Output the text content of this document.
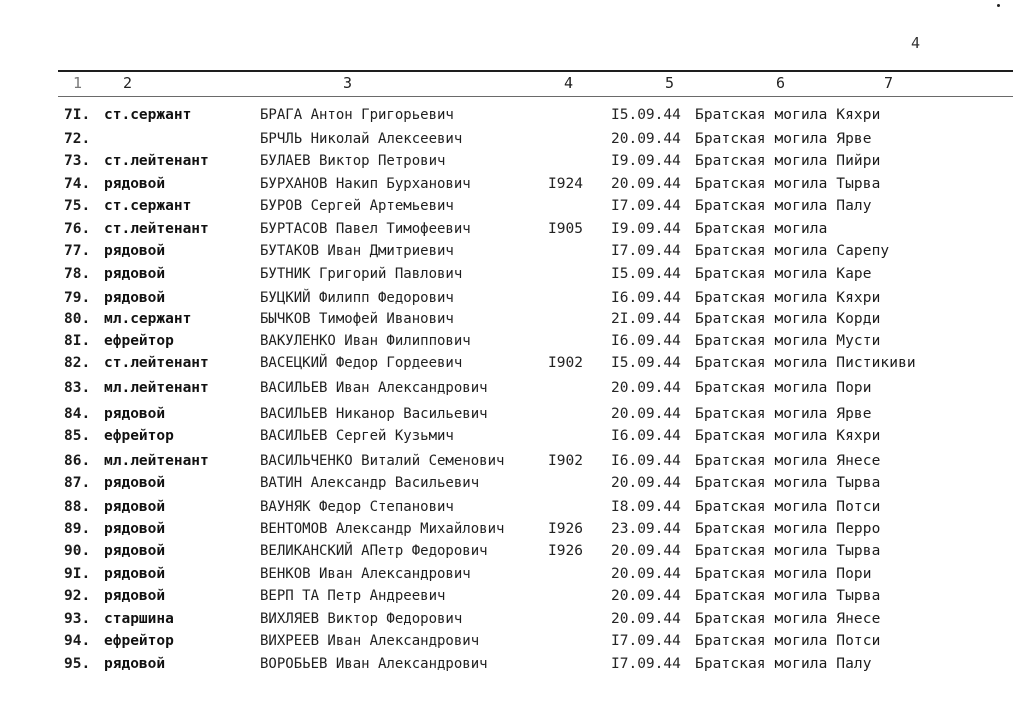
4
1	2	3	4	5	6	7
7I. ст.сержант	БРАГА Антон Григорьевич	I5.09.44 Братская могила Кяхри
72.	БРЧЛЬ Николай Алексеевич	20.09.44 Братская могила Ярве
73. ст.лейтенант	БУЛАЕВ Виктор Петрович	I9.09.44 Братская могила Пийри
74. рядовой	БУРХАНОВ Накип Бурханович	I924 20.09.44 Братская могила Тырва
75. ст.сержант	БУРОВ Сергей Артемьевич	I7.09.44 Братская могила Палу
76. ст.лейтенант	БУРТАСОВ Павел Тимофеевич	I905 I9.09.44 Братская могила
77. рядовой	БУТАКОВ Иван Дмитриевич	I7.09.44 Братская могила Сарепу
78. рядовой	БУТНИК Григорий Павлович	I5.09.44 Братская могила Каре
79. рядовой	БУЦКИЙ Филипп Федорович	I6.09.44 Братская могила Кяхри
80. мл.сержант	БЫЧКОВ Тимофей Иванович	2I.09.44 Братская могила Корди
8I. ефрейтор	ВАКУЛЕНКО Иван Филиппович	I6.09.44 Братская могила Мусти
82. ст.лейтенант	ВАСЕЦКИЙ Федор Гордеевич	I902 I5.09.44 Братская могила Пистикиви
83. мл.лейтенант	ВАСИЛЬЕВ Иван Александрович	20.09.44 Братская могила Пори
84. рядовой	ВАСИЛЬЕВ Никанор Васильевич	20.09.44 Братская могила Ярве
85. ефрейтор	ВАСИЛЬЕВ Сергей Кузьмич	I6.09.44 Братская могила Кяхри
86. мл.лейтенант	ВАСИЛЬЧЕНКО Виталий Семенович	I902 I6.09.44 Братская могила Янесе
87. рядовой	ВАТИН Александр Васильевич	20.09.44 Братская могила Тырва
88. рядовой	ВАУНЯК Федор Степанович	I8.09.44 Братская могила Потси
89. рядовой	ВЕНТОМОВ Александр Михайлович	I926 23.09.44 Братская могила Перро
90. рядовой	ВЕЛИКАНСКИЙ АПетр Федорович	I926 20.09.44 Братская могила Тырва
9I. рядовой	ВЕНКОВ Иван Александрович	20.09.44 Братская могила Пори
92. рядовой	ВЕРП ТА Петр Андреевич	20.09.44 Братская могила Тырва
93. старшина	ВИХЛЯЕВ Виктор Федорович	20.09.44 Братская могила Янесе
94. ефрейтор	ВИХРЕЕВ Иван Александрович	I7.09.44 Братская могила Потси
95. рядовой	ВОРОБЬЕВ Иван Александрович	I7.09.44 Братская могила Палу
